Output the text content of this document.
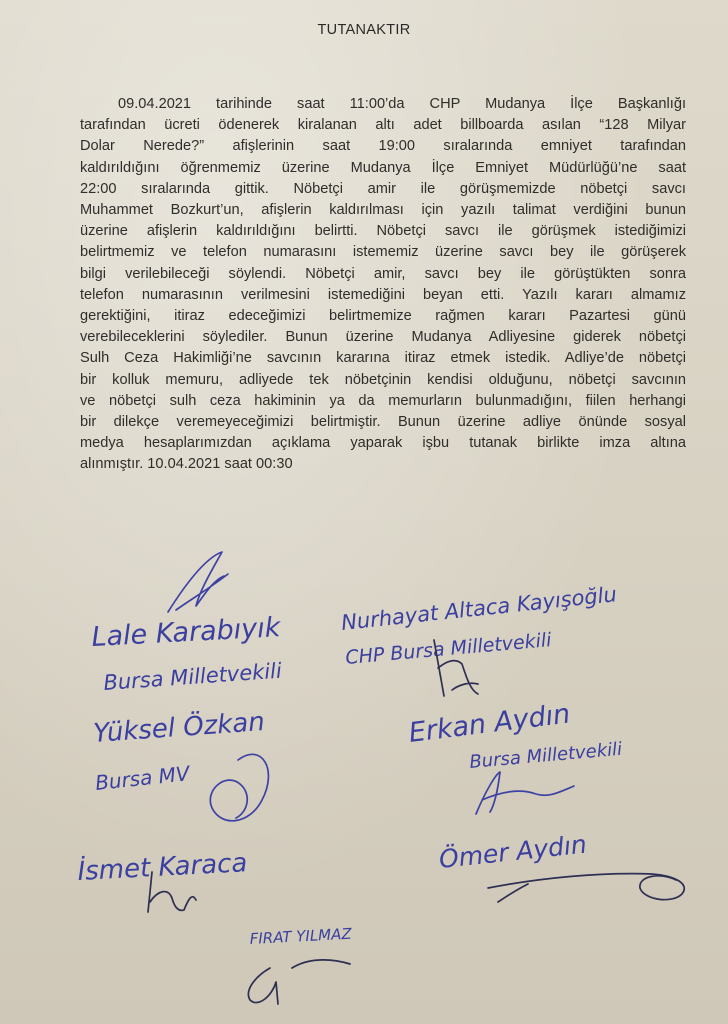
TUTANAKTIR
09.04.2021 tarihinde saat 11:00’da CHP Mudanya İlçe Başkanlığı
tarafından ücreti ödenerek kiralanan altı adet billboarda asılan “128 Milyar
Dolar Nerede?” afişlerinin saat 19:00 sıralarında emniyet tarafından
kaldırıldığını öğrenmemiz üzerine Mudanya İlçe Emniyet Müdürlüğü’ne saat
22:00 sıralarında gittik. Nöbetçi amir ile görüşmemizde nöbetçi savcı
Muhammet Bozkurt’un, afişlerin kaldırılması için yazılı talimat verdiğini bunun
üzerine afişlerin kaldırıldığını belirtti. Nöbetçi savcı ile görüşmek istediğimizi
belirtmemiz ve telefon numarasını istememiz üzerine savcı bey ile görüşerek
bilgi verilebileceği söylendi. Nöbetçi amir, savcı bey ile görüştükten sonra
telefon numarasının verilmesini istemediğini beyan etti. Yazılı kararı almamız
gerektiğini, itiraz edeceğimizi belirtmemize rağmen kararı Pazartesi günü
verebileceklerini söylediler. Bunun üzerine Mudanya Adliyesine giderek nöbetçi
Sulh Ceza Hakimliği’ne savcının kararına itiraz etmek istedik. Adliye’de nöbetçi
bir kolluk memuru, adliyede tek nöbetçinin kendisi olduğunu, nöbetçi savcının
ve nöbetçi sulh ceza hakiminin ya da memurların bulunmadığını, fiilen herhangi
bir dilekçe veremeyeceğimizi belirtmiştir. Bunun üzerine adliye önünde sosyal
medya hesaplarımızdan açıklama yaparak işbu tutanak birlikte imza altına
alınmıştır. 10.04.2021 saat 00:30
Lale Karabıyık
Bursa Milletvekili
Nurhayat Altaca Kayışoğlu
CHP Bursa Milletvekili
Yüksel Özkan
Bursa MV
Erkan Aydın
Bursa Milletvekili
İsmet Karaca	Ömer Aydın
FIRAT YILMAZ
